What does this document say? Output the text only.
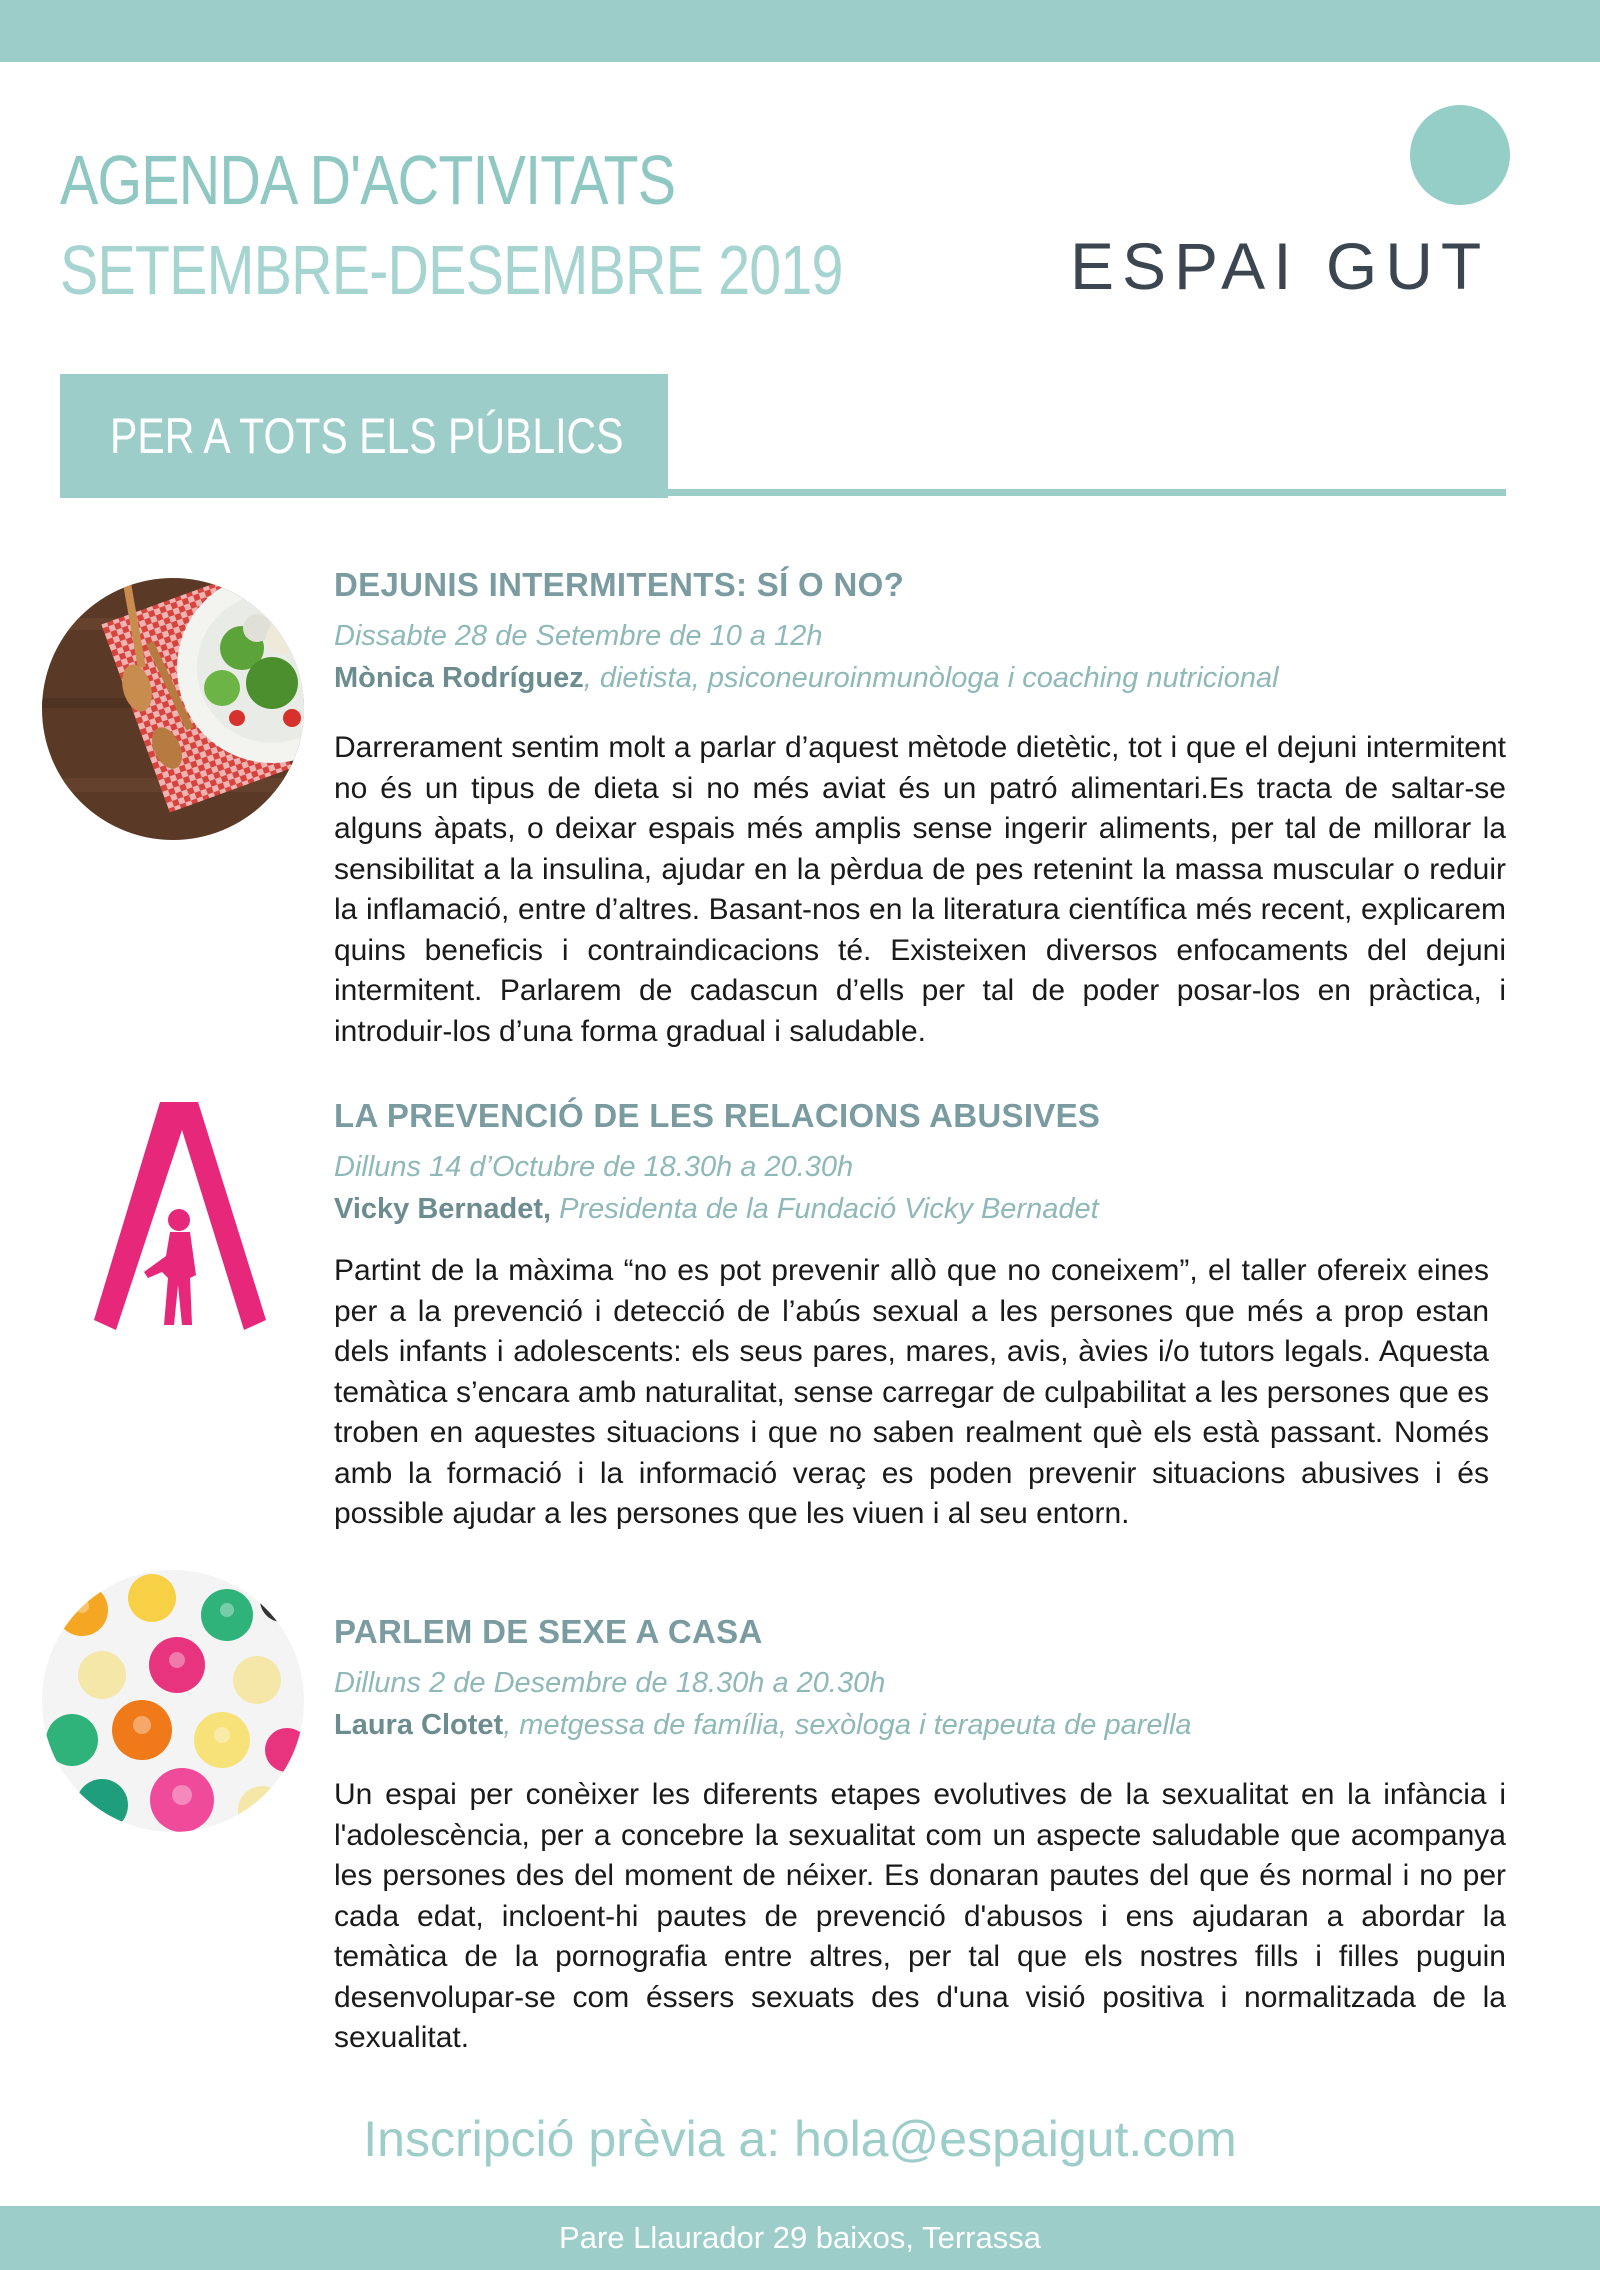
AGENDA D'ACTIVITATS
SETEMBRE-DESEMBRE 2019	ESPAI GUT
PER A TOTS ELS PÚBLICS
DEJUNIS INTERMITENTS: SÍ O NO?
Dissabte 28 de Setembre de 10 a 12h
Mònica Rodríguez, dietista, psiconeuroinmunòloga i coaching nutricional
Darrerament sentim molt a parlar d’aquest mètode dietètic, tot i que el dejuni intermitent no és un tipus de dieta si no més aviat és un patró alimentari.Es tracta de saltar-se alguns àpats, o deixar espais més amplis sense ingerir aliments, per tal de millorar la sensibilitat a la insulina, ajudar en la pèrdua de pes retenint la massa muscular o reduir la inflamació, entre d’altres. Basant-nos en la literatura científica més recent, explicarem quins beneficis i contraindicacions té. Existeixen diversos enfocaments del dejuni intermitent. Parlarem de cadascun d’ells per tal de poder posar-los en pràctica, i introduir-los d’una forma gradual i saludable.
LA PREVENCIÓ DE LES RELACIONS ABUSIVES
Dilluns 14 d’Octubre de 18.30h a 20.30h
Vicky Bernadet, Presidenta de la Fundació Vicky Bernadet
Partint de la màxima “no es pot prevenir allò que no coneixem”, el taller ofereix eines per a la prevenció i detecció de l’abús sexual a les persones que més a prop estan dels infants i adolescents: els seus pares, mares, avis, àvies i/o tutors legals. Aquesta temàtica s’encara amb naturalitat, sense carregar de culpabilitat a les persones que es troben en aquestes situacions i que no saben realment què els està passant. Només amb la formació i la informació veraç es poden prevenir situacions abusives i és possible ajudar a les persones que les viuen i al seu entorn.
PARLEM DE SEXE A CASA
Dilluns 2 de Desembre de 18.30h a 20.30h
Laura Clotet, metgessa de família, sexòloga i terapeuta de parella
Un espai per conèixer les diferents etapes evolutives de la sexualitat en la infància i l'adolescència, per a concebre la sexualitat com un aspecte saludable que acompanya les persones des del moment de néixer. Es donaran pautes del que és normal i no per cada edat, incloent-hi pautes de prevenció d'abusos i ens ajudaran a abordar la temàtica de la pornografia entre altres, per tal que els nostres fills i filles puguin desenvolupar-se com éssers sexuats des d'una visió positiva i normalitzada de la sexualitat.
Inscripció prèvia a: hola@espaigut.com
Pare Llaurador 29 baixos, Terrassa
